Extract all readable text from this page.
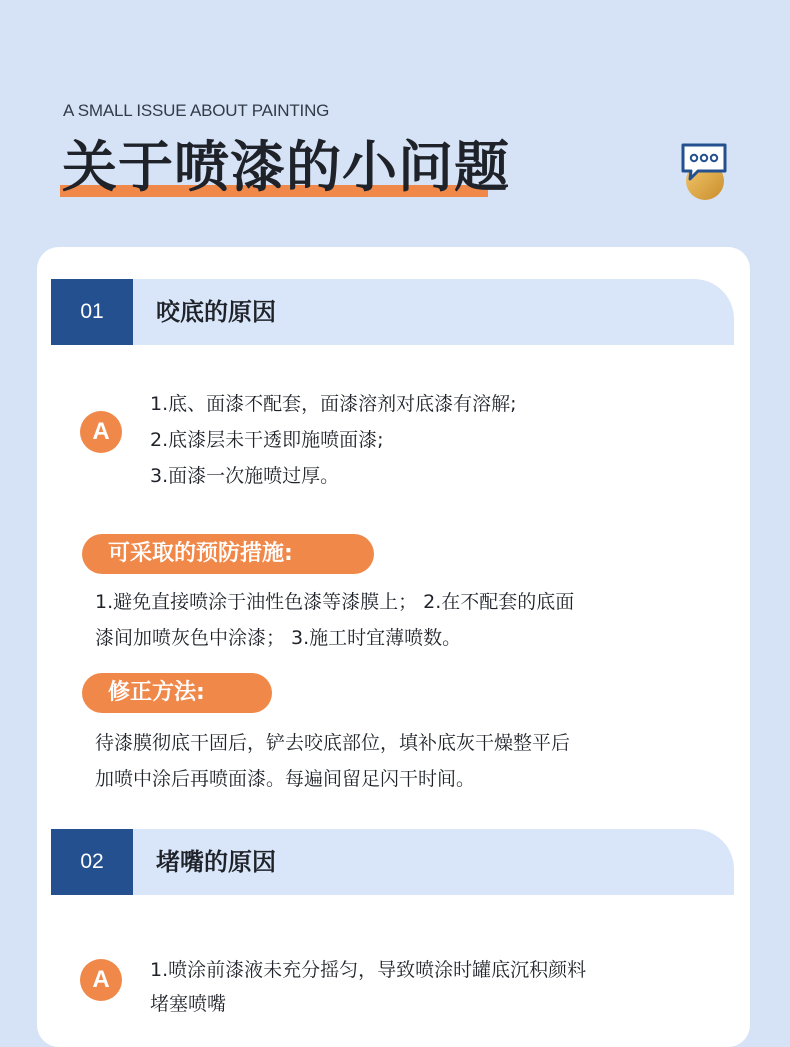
A SMALL ISSUE ABOUT PAINTING
关于喷漆的小问题
01	咬底的原因
A
1.底、面漆不配套，面漆溶剂对底漆有溶解;
2.底漆层未干透即施喷面漆;
3.面漆一次施喷过厚。
可采取的预防措施:
1.避免直接喷涂于油性色漆等漆膜上； 2.在不配套的底面
漆间加喷灰色中涂漆； 3.施工时宜薄喷数。
修正方法:
待漆膜彻底干固后，铲去咬底部位，填补底灰干燥整平后
加喷中涂后再喷面漆。每遍间留足闪干时间。
02	堵嘴的原因
A	1.喷涂前漆液未充分摇匀，导致喷涂时罐底沉积颜料
堵塞喷嘴
